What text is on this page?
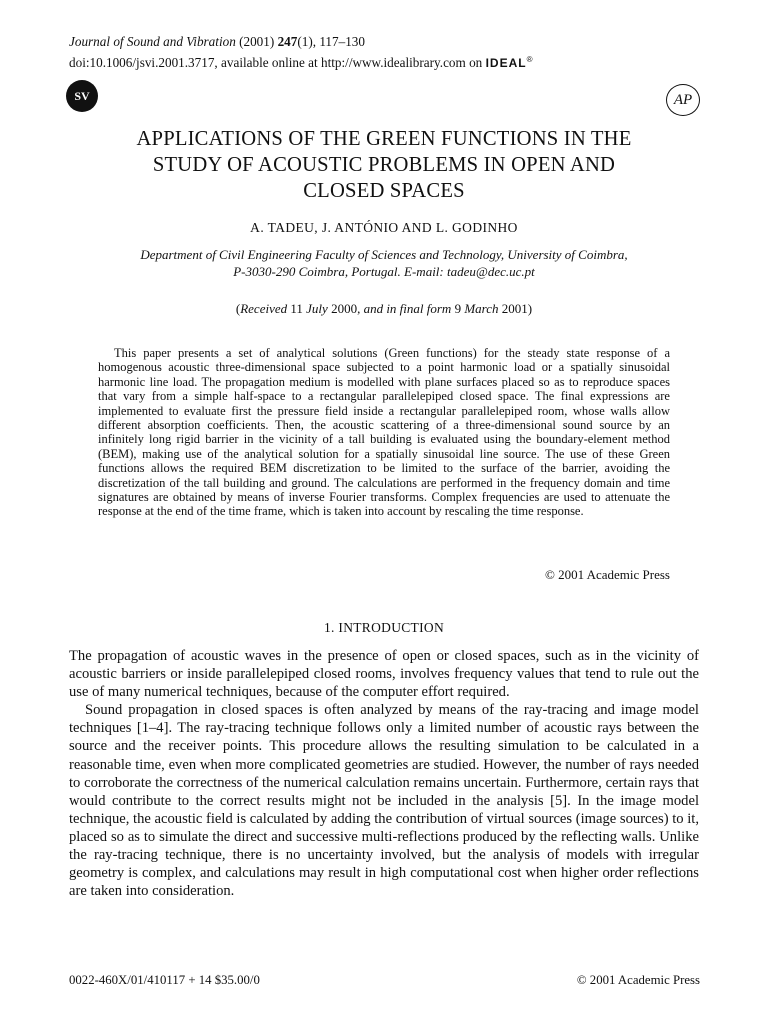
Journal of Sound and Vibration (2001) 247(1), 117–130
doi:10.1006/jsvi.2001.3717, available online at http://www.idealibrary.com on IDEAL®
SV	AP
APPLICATIONS OF THE GREEN FUNCTIONS IN THE
STUDY OF ACOUSTIC PROBLEMS IN OPEN AND
CLOSED SPACES
A. TADEU, J. ANTÓNIO AND L. GODINHO
Department of Civil Engineering Faculty of Sciences and Technology, University of Coimbra,
P-3030-290 Coimbra, Portugal. E-mail: tadeu@dec.uc.pt
(Received 11 July 2000, and in final form 9 March 2001)

This paper presents a set of analytical solutions (Green functions) for the steady state response of a homogenous acoustic three-dimensional space subjected to a point harmonic load or a spatially sinusoidal harmonic line load. The propagation medium is modelled with plane surfaces placed so as to reproduce spaces that vary from a simple half-space to a rectangular parallelepiped closed space. The final expressions are implemented to evaluate first the pressure field inside a rectangular parallelepiped room, whose walls allow different absorption coefficients. Then, the acoustic scattering of a three-dimensional sound source by an infinitely long rigid barrier in the vicinity of a tall building is evaluated using the boundary-element method (BEM), making use of the analytical solution for a spatially sinusoidal line source. The use of these Green functions allows the required BEM discretization to be limited to the surface of the barrier, avoiding the discretization of the tall building and ground. The calculations are performed in the frequency domain and time signatures are obtained by means of inverse Fourier transforms. Complex frequencies are used to attenuate the response at the end of the time frame, which is taken into account by rescaling the time response.

© 2001 Academic Press
1. INTRODUCTION

The propagation of acoustic waves in the presence of open or closed spaces, such as in the vicinity of acoustic barriers or inside parallelepiped closed rooms, involves frequency values that tend to rule out the use of many numerical techniques, because of the computer effort required.

Sound propagation in closed spaces is often analyzed by means of the ray-tracing and image model techniques [1–4]. The ray-tracing technique follows only a limited number of acoustic rays between the source and the receiver points. This procedure allows the resulting simulation to be calculated in a reasonable time, even when more complicated geometries are studied. However, the number of rays needed to corroborate the correctness of the numerical calculation remains uncertain. Furthermore, certain rays that would contribute to the correct results might not be included in the analysis [5]. In the image model technique, the acoustic field is calculated by adding the contribution of virtual sources (image sources) to it, placed so as to simulate the direct and successive multi-reflections produced by the reflecting walls. Unlike the ray-tracing technique, there is no uncertainty involved, but the analysis of models with irregular geometry is complex, and calculations may result in high computational cost when higher order reflections are taken into consideration.

0022-460X/01/410117 + 14 $35.00/0	© 2001 Academic Press
